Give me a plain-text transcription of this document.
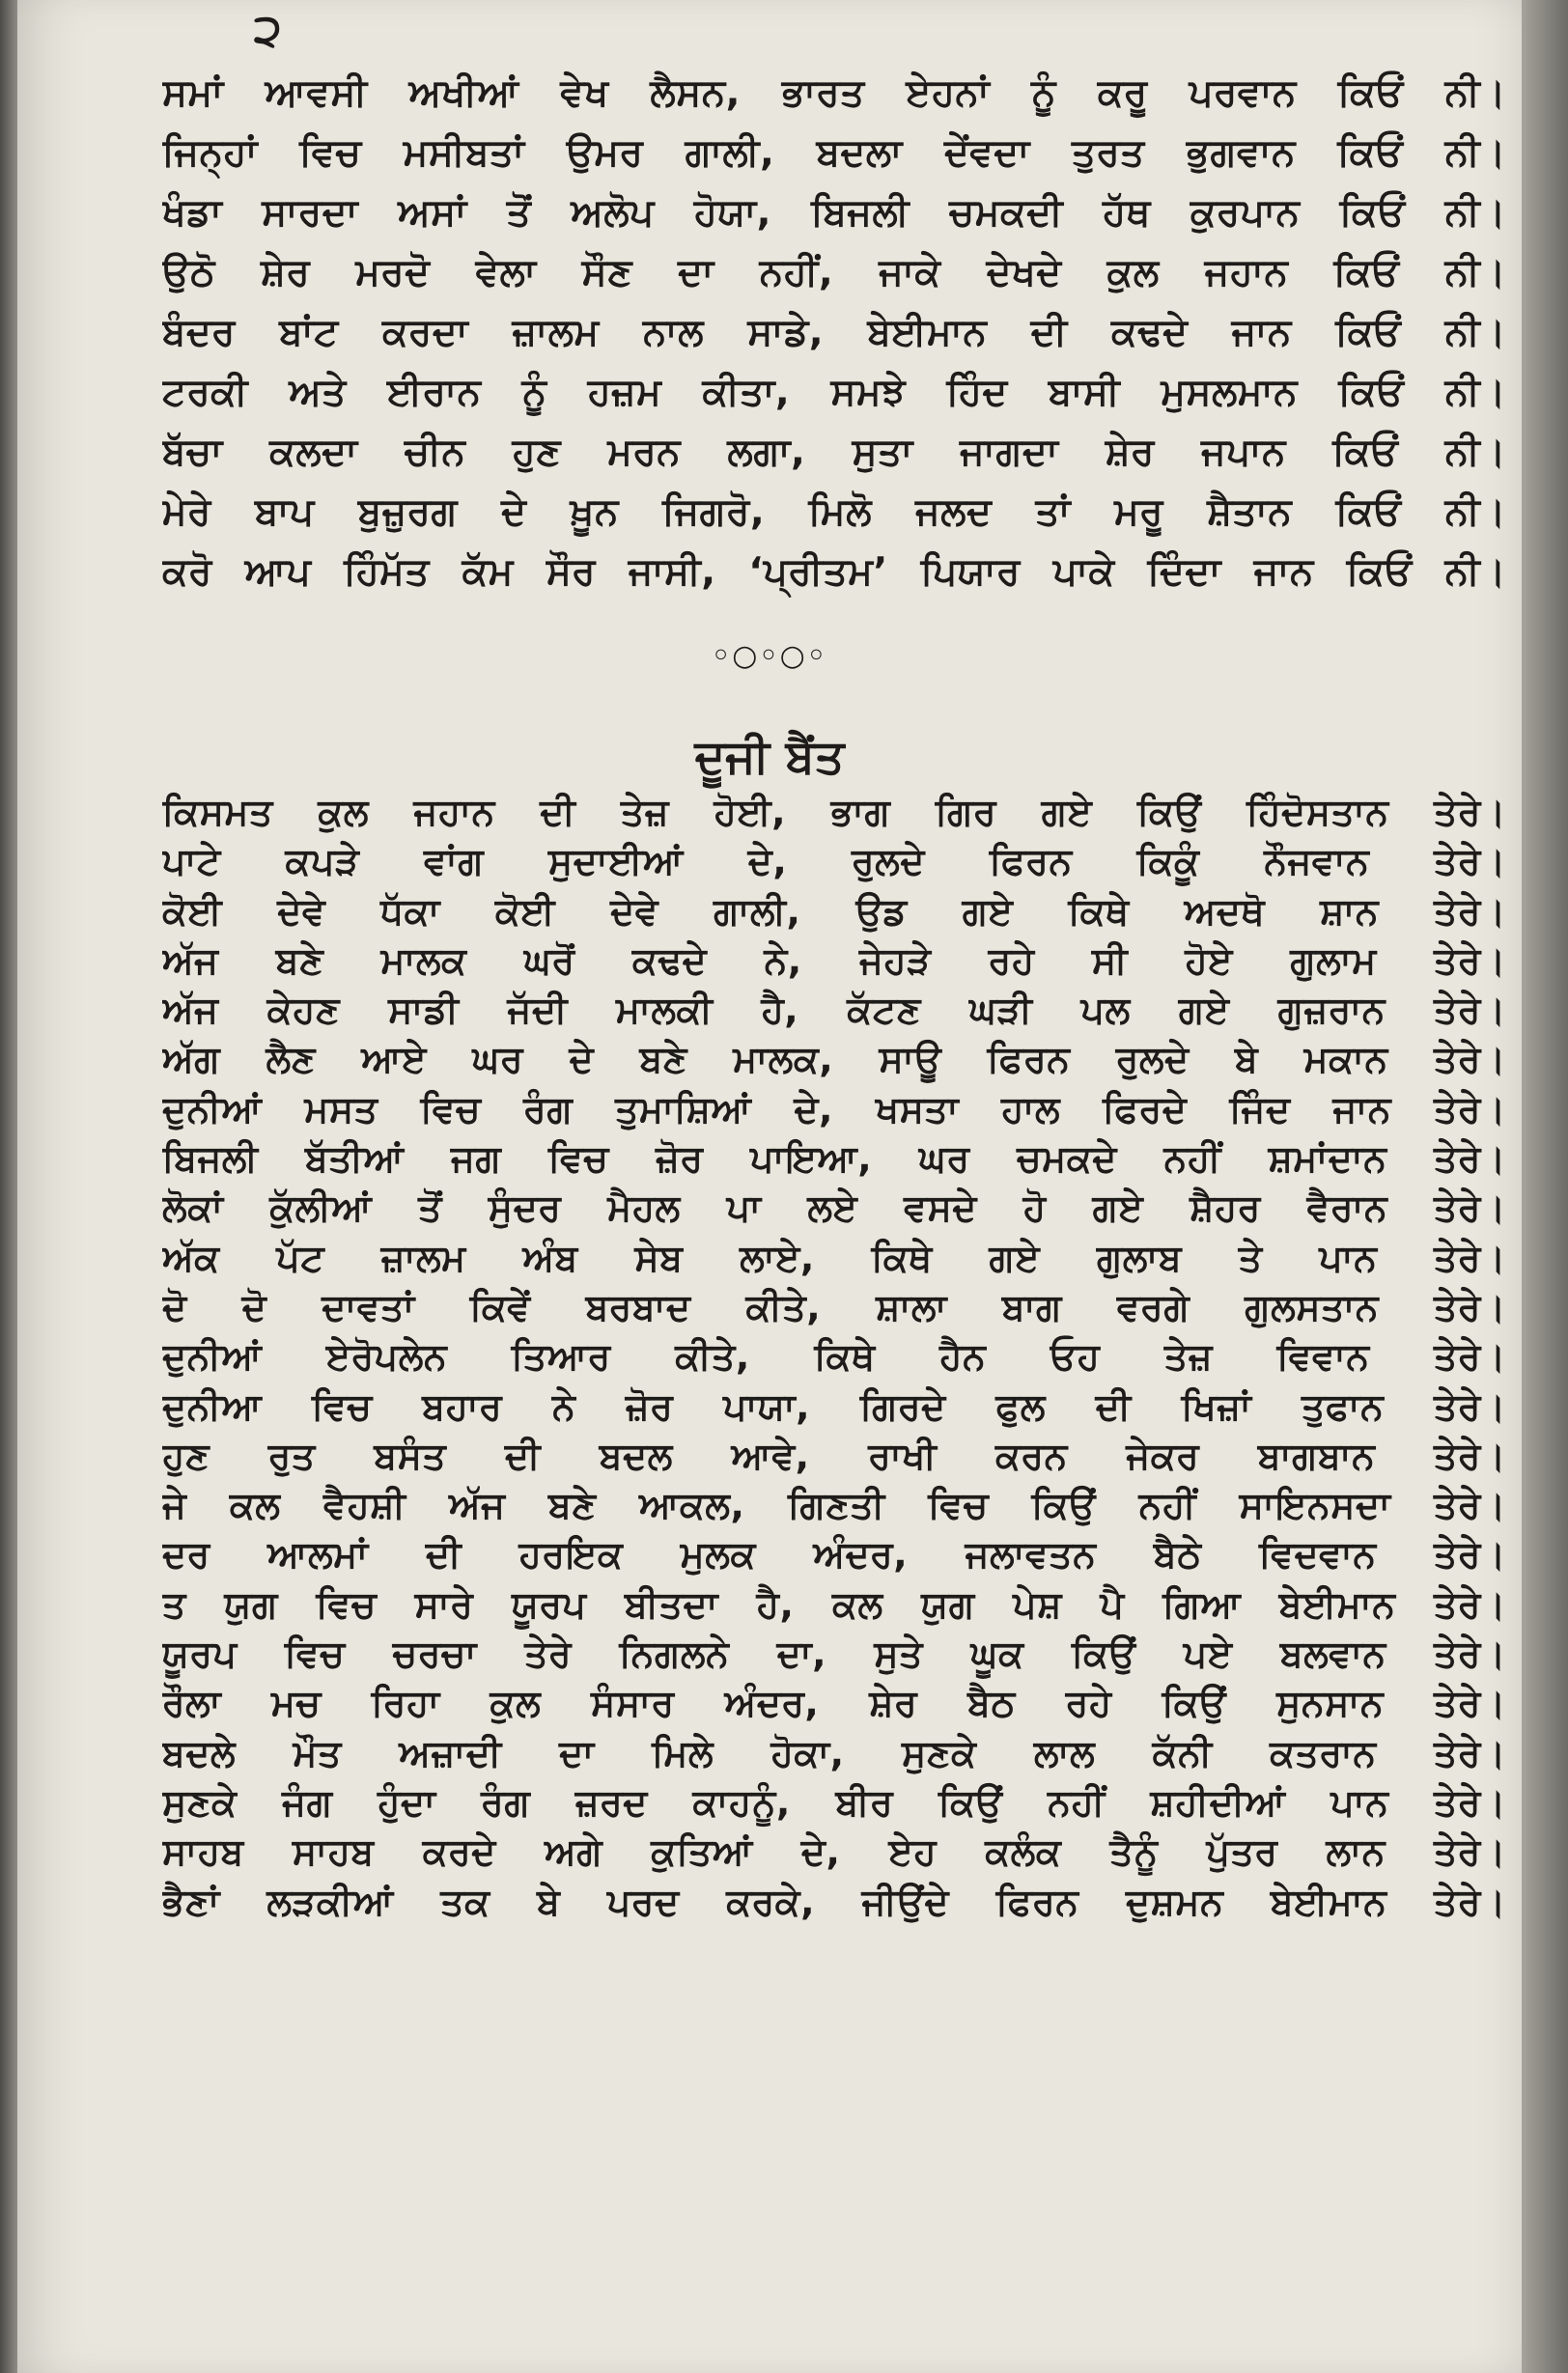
੨
ਸਮਾਂ ਆਵਸੀ ਅਖੀਆਂ ਵੇਖ ਲੈਸਨ, ਭਾਰਤ ਏਹਨਾਂ ਨੂੰ ਕਰੂ ਪਰਵਾਨ ਕਿਓਂ ਨੀ।
ਜਿਨ੍ਹਾਂ ਵਿਚ ਮਸੀਬਤਾਂ ਉਮਰ ਗਾਲੀ, ਬਦਲਾ ਦੇਂਵਦਾ ਤੁਰਤ ਭੁਗਵਾਨ ਕਿਓਂ ਨੀ।
ਖੰਡਾ ਸਾਰਦਾ ਅਸਾਂ ਤੋਂ ਅਲੋਪ ਹੋਯਾ, ਬਿਜਲੀ ਚਮਕਦੀ ਹੱਥ ਕੁਰਪਾਨ ਕਿਓਂ ਨੀ।
ਉਠੋ ਸ਼ੇਰ ਮਰਦੋ ਵੇਲਾ ਸੌਣ ਦਾ ਨਹੀਂ, ਜਾਕੇ ਦੇਖਦੇ ਕੁਲ ਜਹਾਨ ਕਿਓਂ ਨੀ।
ਬੰਦਰ ਬਾਂਟ ਕਰਦਾ ਜ਼ਾਲਮ ਨਾਲ ਸਾਡੇ, ਬੇਈਮਾਨ ਦੀ ਕਢਦੇ ਜਾਨ ਕਿਓਂ ਨੀ।
ਟਰਕੀ ਅਤੇ ਈਰਾਨ ਨੂੰ ਹਜ਼ਮ ਕੀਤਾ, ਸਮਝੇ ਹਿੰਦ ਬਾਸੀ ਮੁਸਲਮਾਨ ਕਿਓਂ ਨੀ।
ਬੱਚਾ ਕਲਦਾ ਚੀਨ ਹੁਣ ਮਰਨ ਲਗਾ, ਸੁਤਾ ਜਾਗਦਾ ਸ਼ੇਰ ਜਪਾਨ ਕਿਓਂ ਨੀ।
ਮੇਰੇ ਬਾਪ ਬੁਜ਼ੁਰਗ ਦੇ ਖ਼ੂਨ ਜਿਗਰੋ, ਮਿਲੋ ਜਲਦ ਤਾਂ ਮਰੂ ਸ਼ੈਤਾਨ ਕਿਓਂ ਨੀ।
ਕਰੋ ਆਪ ਹਿੰਮੱਤ ਕੱਮ ਸੌਰ ਜਾਸੀ, ‘ਪ੍ਰੀਤਮ’ ਪਿਯਾਰ ਪਾਕੇ ਦਿੰਦਾ ਜਾਨ ਕਿਓਂ ਨੀ।
◦○◦○◦
ਦੂਜੀ ਬੈਂਤ
ਕਿਸਮਤ ਕੁਲ ਜਹਾਨ ਦੀ ਤੇਜ਼ ਹੋਈ, ਭਾਗ ਗਿਰ ਗਏ ਕਿਉਂ ਹਿੰਦੋਸਤਾਨ ਤੇਰੇ।
ਪਾਟੇ ਕਪੜੇ ਵਾਂਗ ਸੁਦਾਈਆਂ ਦੇ, ਰੁਲਦੇ ਫਿਰਨ ਕਿਕੂੰ ਨੌਜਵਾਨ ਤੇਰੇ।
ਕੋਈ ਦੇਵੇ ਧੱਕਾ ਕੋਈ ਦੇਵੇ ਗਾਲੀ, ਉਡ ਗਏ ਕਿਥੇ ਅਦਥੋ ਸ਼ਾਨ ਤੇਰੇ।
ਅੱਜ ਬਣੇ ਮਾਲਕ ਘਰੋਂ ਕਢਦੇ ਨੇ, ਜੇਹੜੇ ਰਹੇ ਸੀ ਹੋਏ ਗੁਲਾਮ ਤੇਰੇ।
ਅੱਜ ਕੇਹਣ ਸਾਡੀ ਜੱਦੀ ਮਾਲਕੀ ਹੈ, ਕੱਟਣ ਘੜੀ ਪਲ ਗਏ ਗੁਜ਼ਰਾਨ ਤੇਰੇ।
ਅੱਗ ਲੈਣ ਆਏ ਘਰ ਦੇ ਬਣੇ ਮਾਲਕ, ਸਾਊ ਫਿਰਨ ਰੁਲਦੇ ਬੇ ਮਕਾਨ ਤੇਰੇ।
ਦੁਨੀਆਂ ਮਸਤ ਵਿਚ ਰੰਗ ਤੁਮਾਸ਼ਿਆਂ ਦੇ, ਖਸਤਾ ਹਾਲ ਫਿਰਦੇ ਜਿੰਦ ਜਾਨ ਤੇਰੇ।
ਬਿਜਲੀ ਬੱਤੀਆਂ ਜਗ ਵਿਚ ਜ਼ੋਰ ਪਾਇਆ, ਘਰ ਚਮਕਦੇ ਨਹੀਂ ਸ਼ਮਾਂਦਾਨ ਤੇਰੇ।
ਲੋਕਾਂ ਕੁੱਲੀਆਂ ਤੋਂ ਸੁੰਦਰ ਮੈਹਲ ਪਾ ਲਏ ਵਸਦੇ ਹੋ ਗਏ ਸ਼ੈਹਰ ਵੈਰਾਨ ਤੇਰੇ।
ਅੱਕ ਪੱਟ ਜ਼ਾਲਮ ਅੰਬ ਸੇਬ ਲਾਏ, ਕਿਥੇ ਗਏ ਗੁਲਾਬ ਤੇ ਪਾਨ ਤੇਰੇ।
ਦੋ ਦੋ ਦਾਵਤਾਂ ਕਿਵੇਂ ਬਰਬਾਦ ਕੀਤੇ, ਸ਼ਾਲਾ ਬਾਗ ਵਰਗੇ ਗੁਲਸਤਾਨ ਤੇਰੇ।
ਦੁਨੀਆਂ ਏਰੋਪਲੇਨ ਤਿਆਰ ਕੀਤੇ, ਕਿਥੇ ਹੈਨ ਓਹ ਤੇਜ਼ ਵਿਵਾਨ ਤੇਰੇ।
ਦੁਨੀਆ ਵਿਚ ਬਹਾਰ ਨੇ ਜ਼ੋਰ ਪਾਯਾ, ਗਿਰਦੇ ਫੁਲ ਦੀ ਖਿਜ਼ਾਂ ਤੁਫਾਨ ਤੇਰੇ।
ਹੁਣ ਰੁਤ ਬਸੰਤ ਦੀ ਬਦਲ ਆਵੇ, ਰਾਖੀ ਕਰਨ ਜੇਕਰ ਬਾਗਬਾਨ ਤੇਰੇ।
ਜੇ ਕਲ ਵੈਹਸ਼ੀ ਅੱਜ ਬਣੇ ਆਕਲ, ਗਿਣਤੀ ਵਿਚ ਕਿਉਂ ਨਹੀਂ ਸਾਇਨਸਦਾ ਤੇਰੇ।
ਦਰ ਆਲਮਾਂ ਦੀ ਹਰਇਕ ਮੁਲਕ ਅੰਦਰ, ਜਲਾਵਤਨ ਬੈਠੇ ਵਿਦਵਾਨ ਤੇਰੇ।
ਤ ਯੁਗ ਵਿਚ ਸਾਰੇ ਯੂਰਪ ਬੀਤਦਾ ਹੈ, ਕਲ ਯੁਗ ਪੇਸ਼ ਪੈ ਗਿਆ ਬੇਈਮਾਨ ਤੇਰੇ।
ਯੂਰਪ ਵਿਚ ਚਰਚਾ ਤੇਰੇ ਨਿਗਲਨੇ ਦਾ, ਸੁਤੇ ਘੂਕ ਕਿਉਂ ਪਏ ਬਲਵਾਨ ਤੇਰੇ।
ਰੌਲਾ ਮਚ ਰਿਹਾ ਕੁਲ ਸੰਸਾਰ ਅੰਦਰ, ਸ਼ੇਰ ਬੈਠ ਰਹੇ ਕਿਉਂ ਸੁਨਸਾਨ ਤੇਰੇ।
ਬਦਲੇ ਮੌਤ ਅਜ਼ਾਦੀ ਦਾ ਮਿਲੇ ਹੋਕਾ, ਸੁਣਕੇ ਲਾਲ ਕੱਨੀ ਕਤਰਾਨ ਤੇਰੇ।
ਸੁਣਕੇ ਜੰਗ ਹੁੰਦਾ ਰੰਗ ਜ਼ਰਦ ਕਾਹਨੂੰ, ਬੀਰ ਕਿਉਂ ਨਹੀਂ ਸ਼ਹੀਦੀਆਂ ਪਾਨ ਤੇਰੇ।
ਸਾਹਬ ਸਾਹਬ ਕਰਦੇ ਅਗੇ ਕੁਤਿਆਂ ਦੇ, ਏਹ ਕਲੰਕ ਤੈਨੂੰ ਪੁੱਤਰ ਲਾਨ ਤੇਰੇ।
ਭੈਣਾਂ ਲੜਕੀਆਂ ਤਕ ਬੇ ਪਰਦ ਕਰਕੇ, ਜੀਉਂਦੇ ਫਿਰਨ ਦੁਸ਼ਮਨ ਬੇਈਮਾਨ ਤੇਰੇ।
